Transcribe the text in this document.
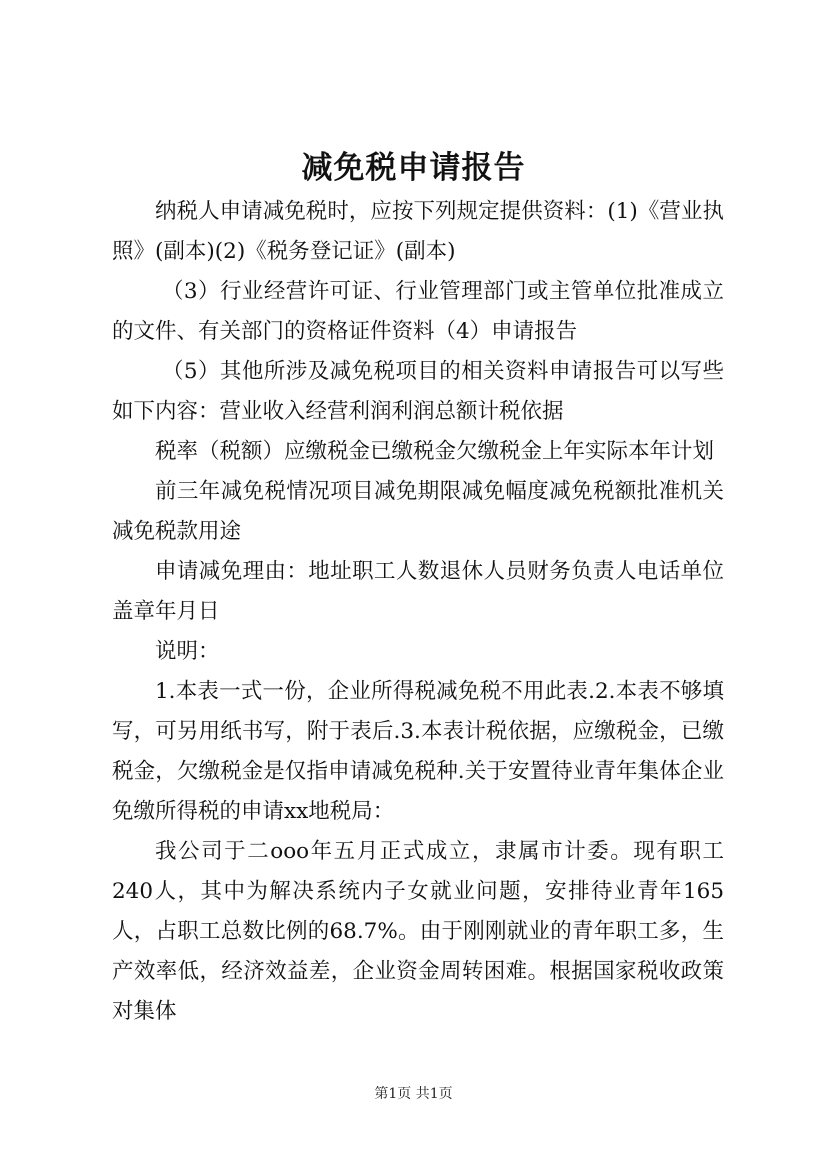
减免税申请报告

纳税人申请减免税时，应按下列规定提供资料：(1)《营业执照》(副本)(2)《税务登记证》(副本)

（3）行业经营许可证、行业管理部门或主管单位批准成立的文件、有关部门的资格证件资料（4）申请报告

（5）其他所涉及减免税项目的相关资料申请报告可以写些如下内容：营业收入经营利润利润总额计税依据

税率（税额）应缴税金已缴税金欠缴税金上年实际本年计划

前三年减免税情况项目减免期限减免幅度减免税额批准机关减免税款用途

申请减免理由：地址职工人数退休人员财务负责人电话单位盖章年月日

说明：

1.本表一式一份，企业所得税减免税不用此表.2.本表不够填写，可另用纸书写，附于表后.3.本表计税依据，应缴税金，已缴税金，欠缴税金是仅指申请减免税种.关于安置待业青年集体企业免缴所得税的申请xx地税局：

我公司于二ooo年五月正式成立，隶属市计委。现有职工240人，其中为解决系统内子女就业问题，安排待业青年165人，占职工总数比例的68.7%。由于刚刚就业的青年职工多，生产效率低，经济效益差，企业资金周转困难。根据国家税收政策对集体

第1页 共1页
